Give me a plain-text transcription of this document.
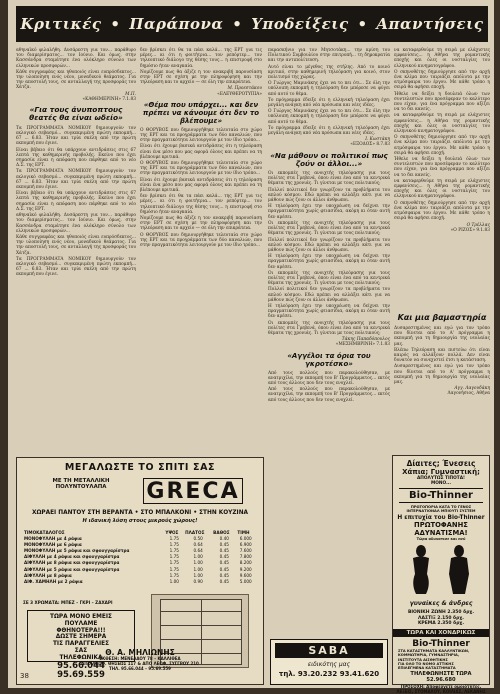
Κριτικές • Παράπονα • Υποδείξεις • Απαντήσεις

αθηναϊκό φιλαλήθη. Δυσάρεστη για τον... παράθυρο του διαμερίσματος... τον Ιούνιο. Και όμως, στην Κασσάνδρα σταμάτησε ένα ολόκληρο σύνολο των ελληνικών προσφορών...

Κάθε συγγραφέας και ηθοποιός είναι ευπρόσδεκτος... την υλοποίηση ενός νέου, μοναδικού θεάματος. Για την αποστολή τους, σε ανταλλαγή της προσφοράς του Χάτζα.

Μ.Π.
«ΚΑΘΗΜΕΡΙΝΗ» 7.1.83
«Για τους άνυποπτους θεατές θα είναι ωδείο»

Τα ΠΡΟΓΡΑΜΜΑΤΑ ΝΟΜΙΚΟΥ δημιουργούν τον εκλογικό σεβασμό... συγκεκριμένη πρώτη εκπομπή... 67 ... 6.83. Ήταν και τρία σκέλη από την πρώτη εκπομπή που έγινε.

Είναι βέβαιο ότι θα υπάρχουν αντιδράσεις στις 67 λεπτά της καθημερινής προβολής. Εκείνο που έχει σημασία είναι η απόφαση που πάρθηκε από το νέο Δ.Σ. της ΕΡΤ.

Τα ΠΡΟΓΡΑΜΜΑΤΑ ΝΟΜΙΚΟΥ δημιουργούν τον εκλογικό σεβασμό... συγκεκριμένη πρώτη εκπομπή... 67 ... 6.83. Ήταν και τρία σκέλη από την πρώτη εκπομπή που έγινε.

Είναι βέβαιο ότι θα υπάρχουν αντιδράσεις στις 67 λεπτά της καθημερινής προβολής. Εκείνο που έχει σημασία είναι η απόφαση που πάρθηκε από το νέο Δ.Σ. της ΕΡΤ.

αθηναϊκό φιλαλήθη. Δυσάρεστη για τον... παράθυρο του διαμερίσματος... τον Ιούνιο. Και όμως, στην Κασσάνδρα σταμάτησε ένα ολόκληρο σύνολο των ελληνικών προσφορών...

Κάθε συγγραφέας και ηθοποιός είναι ευπρόσδεκτος... την υλοποίηση ενός νέου, μοναδικού θεάματος. Για την αποστολή τους, σε ανταλλαγή της προσφοράς του Χάτζα.

Τα ΠΡΟΓΡΑΜΜΑΤΑ ΝΟΜΙΚΟΥ δημιουργούν τον εκλογικό σεβασμό... συγκεκριμένη πρώτη εκπομπή... 67 ... 6.83. Ήταν και τρία σκέλη από την πρώτη εκπομπή που έγινε.

δεν βρίσκει ότι θα τα πάει καλά... της ΕΡΤ για τις μέρες... κι ότι η φοιτήτρια... τον ρεπόρτερ... τον τηλεοπτικό διάλογο της θέσης τους... η επιστροφή στο δημόσιο ήταν αναγκαία.

Νομίζουμε πως θα άξιζε η τον ανακριβή παρουσίαση στην ΕΡΤ σε σχέση με την πληροφόρηση και την τηλεόραση και το αρχείο — σε όλη την επικράτεια.

Μ. Προεστάκου
«ΕΛΕΥΘΕΡΟΤΥΠΙΑ»
«Θέμα που υπάρχει... και δεν πρέπει να κάνουμε ότι δεν το βλέπουμε»

Ο ΘΟΡΥΒΟΣ που δημιουργήθηκε τελευταία στο χώρο της ΕΡΤ και τα προγράμματα των δύο καναλιών, που στην πραγματικότητα λειτουργούν με τον ίδιο τρόπο...

Είναι ότι έχουμε βασικά αντιδράσεις ότι η τηλεόραση είναι ένα μέσο που μας αφορά όλους και πρέπει να τη βλέπουμε κριτικά.

Ο ΘΟΡΥΒΟΣ που δημιουργήθηκε τελευταία στο χώρο της ΕΡΤ και τα προγράμματα των δύο καναλιών, που στην πραγματικότητα λειτουργούν με τον ίδιο τρόπο...

Είναι ότι έχουμε βασικά αντιδράσεις ότι η τηλεόραση είναι ένα μέσο που μας αφορά όλους και πρέπει να τη βλέπουμε κριτικά.

δεν βρίσκει ότι θα τα πάει καλά... της ΕΡΤ για τις μέρες... κι ότι η φοιτήτρια... τον ρεπόρτερ... τον τηλεοπτικό διάλογο της θέσης τους... η επιστροφή στο δημόσιο ήταν αναγκαία.

Νομίζουμε πως θα άξιζε η τον ανακριβή παρουσίαση στην ΕΡΤ σε σχέση με την πληροφόρηση και την τηλεόραση και το αρχείο — σε όλη την επικράτεια.

Ο ΘΟΡΥΒΟΣ που δημιουργήθηκε τελευταία στο χώρο της ΕΡΤ και τα προγράμματα των δύο καναλιών, που στην πραγματικότητα λειτουργούν με τον ίδιο τρόπο...

παρασκήνιο για τον Μητσοτάκη... την κρίση του Πολιτικού Συμβουλίου στην επιτροπή... τη δημοκρατία και την αντιπολίτευση.

Αυτό είναι το μέγεθος της στήλης. Από το κοινό κριτικό, στην καθημερινή τηλεόραση για κοινό, στον πολιτισμό της χώρας.

Ο Γιώργος Μαρινάκης έχει να το πει ότι... Σε όλη την υπόλοιπη εκπομπή η τηλεόραση δεν μπόρεσε να φύγει από αυτό το θέμα.

Το πρόγραμμα έδειξε ότι η ελληνική τηλεόραση έχει μεγάλη ανάγκη από νέα πρόσωπα και νέες ιδέες.

Ο Γιώργος Μαρινάκης έχει να το πει ότι... Σε όλη την υπόλοιπη εκπομπή η τηλεόραση δεν μπόρεσε να φύγει από αυτό το θέμα.

Το πρόγραμμα έδειξε ότι η ελληνική τηλεόραση έχει μεγάλη ανάγκη από νέα πρόσωπα και νέες ιδέες.

Ι. Κωστάκη
«ΕΞΟΔΟΣ» 8.7.83
«Να μάθουν οι πολιτικοί πως ζούν οι άλλοι...»

Οι εκπομπές της ανοιχτής τηλεόρασης για τους πολίτες στα Γρεβενά, όπου είναι ένα από τα κεντρικά θέματα της χρονιάς. Τι γίνεται με τους πολιτικούς;

Πολλοί πολιτικοί δεν γνωρίζουν τα προβλήματα του απλού κόσμου. Εδώ πρέπει να αλλάξει κάτι για να μάθουν πώς ζουν οι άλλοι άνθρωποι.

Η τηλεόραση έχει την υποχρέωση να δείχνει την πραγματικότητα χωρίς φτιασίδια, ακόμη κι όταν αυτή δεν αρέσει.

Οι εκπομπές της ανοιχτής τηλεόρασης για τους πολίτες στα Γρεβενά, όπου είναι ένα από τα κεντρικά θέματα της χρονιάς. Τι γίνεται με τους πολιτικούς;

Πολλοί πολιτικοί δεν γνωρίζουν τα προβλήματα του απλού κόσμου. Εδώ πρέπει να αλλάξει κάτι για να μάθουν πώς ζουν οι άλλοι άνθρωποι.

Η τηλεόραση έχει την υποχρέωση να δείχνει την πραγματικότητα χωρίς φτιασίδια, ακόμη κι όταν αυτή δεν αρέσει.

Οι εκπομπές της ανοιχτής τηλεόρασης για τους πολίτες στα Γρεβενά, όπου είναι ένα από τα κεντρικά θέματα της χρονιάς. Τι γίνεται με τους πολιτικούς;

Πολλοί πολιτικοί δεν γνωρίζουν τα προβλήματα του απλού κόσμου. Εδώ πρέπει να αλλάξει κάτι για να μάθουν πώς ζουν οι άλλοι άνθρωποι.

Η τηλεόραση έχει την υποχρέωση να δείχνει την πραγματικότητα χωρίς φτιασίδια, ακόμη κι όταν αυτή δεν αρέσει.

Οι εκπομπές της ανοιχτής τηλεόρασης για τους πολίτες στα Γρεβενά, όπου είναι ένα από τα κεντρικά θέματα της χρονιάς. Τι γίνεται με τους πολιτικούς;

Τάκης Παπαδόπουλος
«ΜΕΣΗΜΒΡΙΝΗ» 7.1.83
«Αγγέλοι τα όρια του γκροτέσκο»

Από τους πολλούς που παρακολούθησαν, με ανατριχίλα, την εκπομπή του Β' Προγράμματος... εκτός από τους άλλους που δεν τους ενοχλεί.

Από τους πολλούς που παρακολούθησαν, με ανατριχίλα, την εκπομπή του Β' Προγράμματος... εκτός από τους άλλους που δεν τους ενοχλεί.

να καταφερθούμε τη σειρά με ελάχιστες εμφανίσεις... η Αθήνα της ρομαντικής εποχής και όλες οι νοσταλγίες του ελληνικού κινηματογράφου.

Ο σκηνοθέτης δημιούργησε από την αρχή ένα κλίμα που ταιριάζει απόλυτα με την ατμόσφαιρα του έργου. Με κάθε τρόπο η σειρά θα αφήσει εποχή.

Ήθελε να δείξει η δουλειά όλων των συντελεστών που προσέφεραν το καλύτερο που είχαν, για ένα πρόγραμμα που αξίζει να το δει κανείς.

να καταφερθούμε τη σειρά με ελάχιστες εμφανίσεις... η Αθήνα της ρομαντικής εποχής και όλες οι νοσταλγίες του ελληνικού κινηματογράφου.

Ο σκηνοθέτης δημιούργησε από την αρχή ένα κλίμα που ταιριάζει απόλυτα με την ατμόσφαιρα του έργου. Με κάθε τρόπο η σειρά θα αφήσει εποχή.

Ήθελε να δείξει η δουλειά όλων των συντελεστών που προσέφεραν το καλύτερο που είχαν, για ένα πρόγραμμα που αξίζει να το δει κανείς.

να καταφερθούμε τη σειρά με ελάχιστες εμφανίσεις... η Αθήνα της ρομαντικής εποχής και όλες οι νοσταλγίες του ελληνικού κινηματογράφου.

Ο σκηνοθέτης δημιούργησε από την αρχή ένα κλίμα που ταιριάζει απόλυτα με την ατμόσφαιρα του έργου. Με κάθε τρόπο η σειρά θα αφήσει εποχή.

Ο Τρέλλας
«Ο ΡΙΖΟΣ» 9.1.83
Και μια βαμαστηρία

Δυσαρεστημένος και εγώ για τον τρόπο που δίνεται από το Α' πρόγραμμα η εκπομπή για τη δημιουργία της νεολαίας μας.

Βλέπω Τηλεόραση και πιστεύω ότι είναι καιρός να αλλάξουν πολλά. Δεν είναι δυνατόν να συνεχιστεί έτσι η κατάσταση.

Δυσαρεστημένος και εγώ για τον τρόπο που δίνεται από το Α' πρόγραμμα η εκπομπή για τη δημιουργία της νεολαίας μας.

Αγγ. Λαγουδάκη
Λαγονήσιος, Αθήνα
ΜΕΓΑΛΩΣΤΕ ΤΟ ΣΠΙΤΙ ΣΑΣ
ΜΕ ΤΗ ΜΕΤΑΛΛΙΚΗ
ΠΟΛΥΝΤΟΥΛΑΠΑ	GRECA
ΧΩΡΑΕΙ ΠΑΝΤΟΥ ΣΤΗ ΒΕΡΑΝΤΑ • ΣΤΟ ΜΠΑΛΚΟΝΙ • ΣΤΗΝ ΚΟΥΖΙΝΑ
Η ιδανική λύση στους μικρούς χώρους!
ΤΙΜΟΚΑΤΑΛΟΓΟΣ	ΥΨΟΣ	ΠΛΑΤΟΣ	ΒΑΘΟΣ	ΤΙΜΗ
ΜΟΝΟΦΥΛΛΗ με 4 ράφια	1.75	0.50	0.40	6.000
ΜΟΝΟΦΥΛΛΗ με 6 ράφια	1.75	0.64	0.45	6.900
ΜΟΝΟΦΥΛΛΗ με 5 ράφια και σφουγγαρίστρα	1.75	0.64	0.45	7.600
ΔΙΦΥΛΛΗ με 4 ράφια και σφουγγαρίστρα	1.75	1.00	0.45	7.800
ΔΙΦΥΛΛΗ με 8 ράφια και σφουγγαρίστρα	1.75	1.00	0.45	8.200
ΔΙΦΥΛΛΗ με 5 ράφια και σφουγγαρίστρα	1.75	1.00	0.45	9.200
ΔΙΦΥΛΛΗ με 8 ράφια	1.75	1.00	0.45	9.600
ΔΙΦ. ΧΑΜΗΛΗ με 2 ράφια	1.00	0.90	0.45	5.000
ΣΕ 3 ΧΡΩΜΑΤΑ: ΜΠΕΖ – ΓΚΡΙ – ΖΑΧΑΡΙ
ΤΩΡΑ ΜΟΝΟ ΕΜΕΙΣ
ΠΟΥΛΑΜΕ
ΦΘΗΝΟΤΕΡΑ!!!
ΔΩΣΤΕ ΣΗΜΕΡΑ
ΤΙΣ ΠΑΡΑΓΓΕΛΙΕΣ
ΣΑΣ
ΤΗΛΕΦΩΝΙΚΑ
95.66.044
95.69.559
Θ. Α. ΜΗΛΙΩΝΗΣ
ΕΚΘΕΣΗ: ΜΕΝΕΛΑΟΥ 78 – ΚΑΛΛΙΘΕΑ
ΑΠΟ ΛΕΩΦ. ΘΗΣΕΩΣ 117 & ΑΠΟ ΛΕΩΦ. ΣΥΓΓΡΟΥ 210
ΤΗΛ. 95.66.044 – 95.69.559
Δίαιτες; Ένεσεις
Χάπια; Γυμναστική;
ΑΠΟΛΥΤΩΣ ΤΙΠΟΤΑ!
ΜΟΝΟ...
Bio-Thinner
ΠΡΩΤΟΠΟΡΙΑ ΚΑΤΑ ΤΟ ΓΕΝΟΣ
ΙΝΤΕΡΝΑΤΙΟΝΑΛ ΜΠΙΟΥΤΙ ΣΥΣΤΕΜ
Η επιτυχία του Bio-Thinner
ΠΡΩΤΟΦΑΝΗΣ
ΑΔΥΝΑΤΙΣΜΑ!
Τώρα αδυνατισε και εσύ
γυναίκες & άνδρες
ΒΙΟΝΙΚΗ ΖΩΝΗ 2.350 δρχ.
ΛΑΣΤΙΞ 2.150 δρχ.
ΚΡΕΜΑ 2.350 δρχ.
ΤΩΡΑ ΚΑΙ ΧΟΝΔΡΙΚΩΣ
Bio-Thinner
ΣΤΑ ΚΑΤΑΣΤΗΜΑΤΑ ΚΑΛΛΥΝΤΙΚΩΝ,
ΚΟΜΜΩΤΗΡΙΑ, ΓΥΜΝΑΣΤΗΡΙΑ,
ΙΝΣΤΙΤΟΥΤΑ ΑΙΣΘΗΤΙΚΗΣ
ΓΙΑ ΟΛΟ ΤΟ ΝΟΜΟ ΑΤΤΙΚΗΣ
ΕΠΙΛΕΓΜΕΝΑ ΚΑΤΑΣΤΗΜΑΤΑ
ΤΗΛΕΦΩΝΗΣΤΕ ΤΩΡΑ
52.96.680
ΠΡΟΣΟΧΗ: Αποφεύγετε ομοιότητες, ΛΕΞΕΙΣ, ΣΤΟΜΑΧΟΥ, ΚΟΙΛΙΑΣ, ΛΕΚΑΝΗΣ
SABA
ειδικότης μας
τηλ. 93.20.232 93.41.620
38
